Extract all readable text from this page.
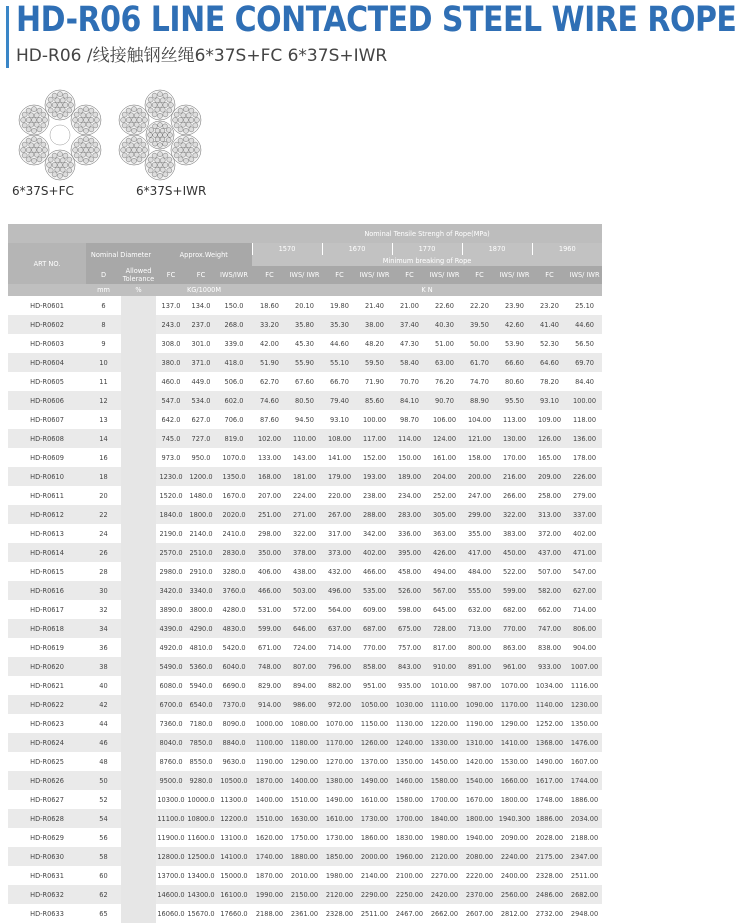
HD-R06 LINE CONTACTED STEEL WIRE ROPE
HD-R06 /线接触钢丝绳6*37S+FC 6*37S+IWR
6*37S+FC	6*37S+IWR
						Nominal Tensile Strengh of Rope(MPa)									
ART NO.	Nominal Diameter		Approx.Weight			1570		1670		1770		1870		1960	
						Minimum breaking of Rope									
	D	Allowed Tolerance	FC	FC	IWS/IWR	FC	IWS/ IWR	FC	IWS/ IWR	FC	IWS/ IWR	FC	IWS/ IWR	FC	IWS/ IWR
	mm	%	KG/1000M			K N									
HD-R0601	6		137.0	134.0	150.0	18.60	20.10	19.80	21.40	21.00	22.60	22.20	23.90	23.20	25.10
HD-R0602	8		243.0	237.0	268.0	33.20	35.80	35.30	38.00	37.40	40.30	39.50	42.60	41.40	44.60
HD-R0603	9		308.0	301.0	339.0	42.00	45.30	44.60	48.20	47.30	51.00	50.00	53.90	52.30	56.50
HD-R0604	10		380.0	371.0	418.0	51.90	55.90	55.10	59.50	58.40	63.00	61.70	66.60	64.60	69.70
HD-R0605	11		460.0	449.0	506.0	62.70	67.60	66.70	71.90	70.70	76.20	74.70	80.60	78.20	84.40
HD-R0606	12		547.0	534.0	602.0	74.60	80.50	79.40	85.60	84.10	90.70	88.90	95.50	93.10	100.00
HD-R0607	13		642.0	627.0	706.0	87.60	94.50	93.10	100.00	98.70	106.00	104.00	113.00	109.00	118.00
HD-R0608	14		745.0	727.0	819.0	102.00	110.00	108.00	117.00	114.00	124.00	121.00	130.00	126.00	136.00
HD-R0609	16		973.0	950.0	1070.0	133.00	143.00	141.00	152.00	150.00	161.00	158.00	170.00	165.00	178.00
HD-R0610	18		1230.0	1200.0	1350.0	168.00	181.00	179.00	193.00	189.00	204.00	200.00	216.00	209.00	226.00
HD-R0611	20		1520.0	1480.0	1670.0	207.00	224.00	220.00	238.00	234.00	252.00	247.00	266.00	258.00	279.00
HD-R0612	22		1840.0	1800.0	2020.0	251.00	271.00	267.00	288.00	283.00	305.00	299.00	322.00	313.00	337.00
HD-R0613	24		2190.0	2140.0	2410.0	298.00	322.00	317.00	342.00	336.00	363.00	355.00	383.00	372.00	402.00
HD-R0614	26		2570.0	2510.0	2830.0	350.00	378.00	373.00	402.00	395.00	426.00	417.00	450.00	437.00	471.00
HD-R0615	28		2980.0	2910.0	3280.0	406.00	438.00	432.00	466.00	458.00	494.00	484.00	522.00	507.00	547.00
HD-R0616	30		3420.0	3340.0	3760.0	466.00	503.00	496.00	535.00	526.00	567.00	555.00	599.00	582.00	627.00
HD-R0617	32		3890.0	3800.0	4280.0	531.00	572.00	564.00	609.00	598.00	645.00	632.00	682.00	662.00	714.00
HD-R0618	34		4390.0	4290.0	4830.0	599.00	646.00	637.00	687.00	675.00	728.00	713.00	770.00	747.00	806.00
HD-R0619	36		4920.0	4810.0	5420.0	671.00	724.00	714.00	770.00	757.00	817.00	800.00	863.00	838.00	904.00
HD-R0620	38		5490.0	5360.0	6040.0	748.00	807.00	796.00	858.00	843.00	910.00	891.00	961.00	933.00	1007.00
HD-R0621	40		6080.0	5940.0	6690.0	829.00	894.00	882.00	951.00	935.00	1010.00	987.00	1070.00	1034.00	1116.00
HD-R0622	42		6700.0	6540.0	7370.0	914.00	986.00	972.00	1050.00	1030.00	1110.00	1090.00	1170.00	1140.00	1230.00
HD-R0623	44		7360.0	7180.0	8090.0	1000.00	1080.00	1070.00	1150.00	1130.00	1220.00	1190.00	1290.00	1252.00	1350.00
HD-R0624	46		8040.0	7850.0	8840.0	1100.00	1180.00	1170.00	1260.00	1240.00	1330.00	1310.00	1410.00	1368.00	1476.00
HD-R0625	48		8760.0	8550.0	9630.0	1190.00	1290.00	1270.00	1370.00	1350.00	1450.00	1420.00	1530.00	1490.00	1607.00
HD-R0626	50		9500.0	9280.0	10500.0	1870.00	1400.00	1380.00	1490.00	1460.00	1580.00	1540.00	1660.00	1617.00	1744.00
HD-R0627	52		10300.0	10000.0	11300.0	1400.00	1510.00	1490.00	1610.00	1580.00	1700.00	1670.00	1800.00	1748.00	1886.00
HD-R0628	54		11100.0	10800.0	12200.0	1510.00	1630.00	1610.00	1730.00	1700.00	1840.00	1800.00	1940.300	1886.00	2034.00
HD-R0629	56		11900.0	11600.0	13100.0	1620.00	1750.00	1730.00	1860.00	1830.00	1980.00	1940.00	2090.00	2028.00	2188.00
HD-R0630	58		12800.0	12500.0	14100.0	1740.00	1880.00	1850.00	2000.00	1960.00	2120.00	2080.00	2240.00	2175.00	2347.00
HD-R0631	60		13700.0	13400.0	15000.0	1870.00	2010.00	1980.00	2140.00	2100.00	2270.00	2220.00	2400.00	2328.00	2511.00
HD-R0632	62		14600.0	14300.0	16100.0	1990.00	2150.00	2120.00	2290.00	2250.00	2420.00	2370.00	2560.00	2486.00	2682.00
HD-R0633	65		16060.0	15670.0	17660.0	2188.00	2361.00	2328.00	2511.00	2467.00	2662.00	2607.00	2812.00	2732.00	2948.00
